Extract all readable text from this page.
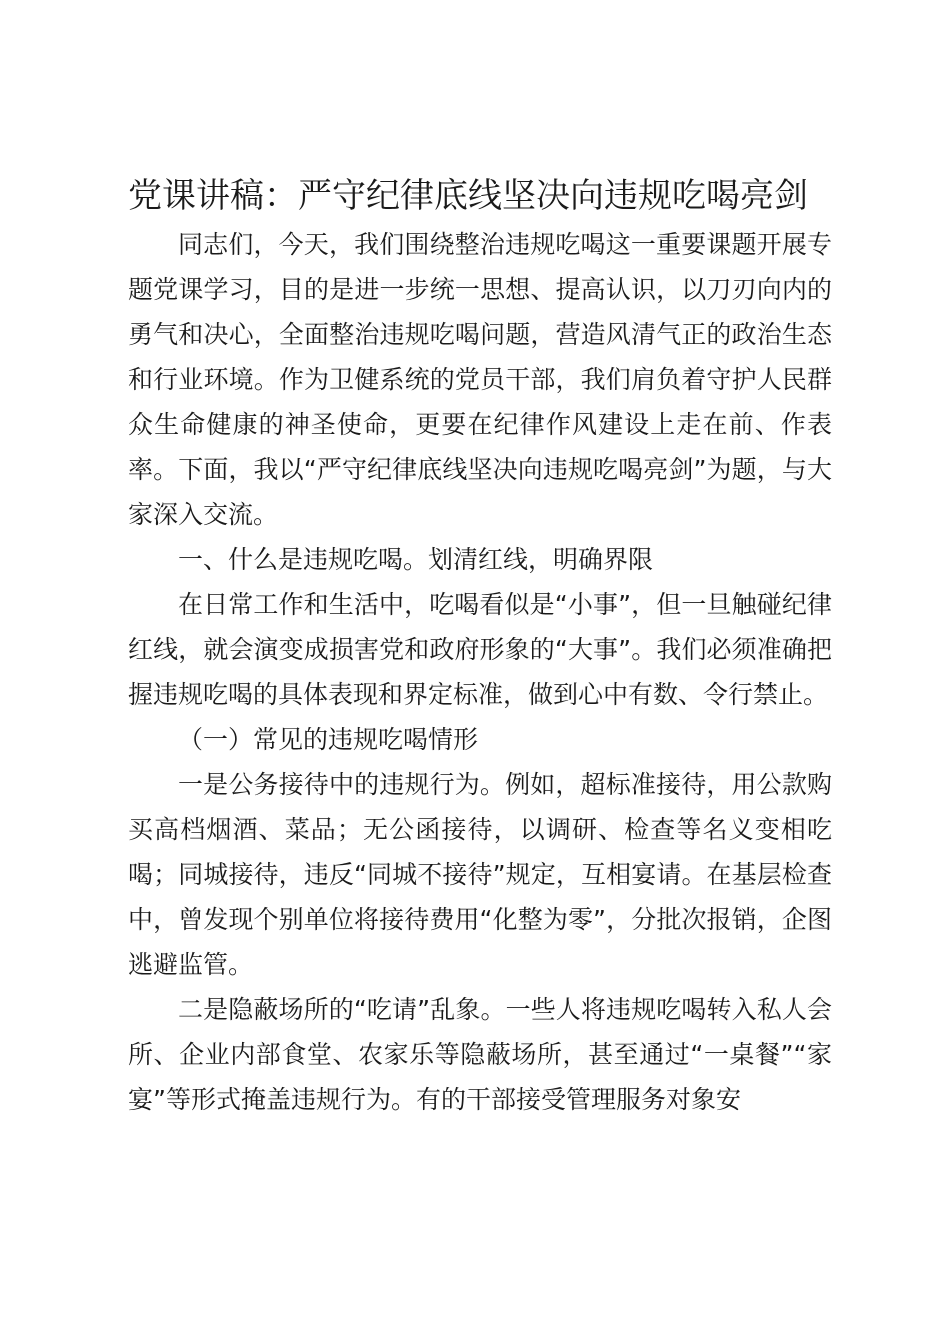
党课讲稿：严守纪律底线坚决向违规吃喝亮剑

同志们，今天，我们围绕整治违规吃喝这一重要课题开展专题党课学习，目的是进一步统一思想、提高认识，以刀刃向内的勇气和决心，全面整治违规吃喝问题，营造风清气正的政治生态和行业环境。作为卫健系统的党员干部，我们肩负着守护人民群众生命健康的神圣使命，更要在纪律作风建设上走在前、作表率。下面，我以“严守纪律底线坚决向违规吃喝亮剑”为题，与大家深入交流。

一、什么是违规吃喝。划清红线，明确界限

在日常工作和生活中，吃喝看似是“小事”，但一旦触碰纪律红线，就会演变成损害党和政府形象的“大事”。我们必须准确把握违规吃喝的具体表现和界定标准，做到心中有数、令行禁止。

（一）常见的违规吃喝情形

一是公务接待中的违规行为。例如，超标准接待，用公款购买高档烟酒、菜品；无公函接待，以调研、检查等名义变相吃喝；同城接待，违反“同城不接待”规定，互相宴请。在基层检查中，曾发现个别单位将接待费用“化整为零”，分批次报销，企图逃避监管。

二是隐蔽场所的“吃请”乱象。一些人将违规吃喝转入私人会所、企业内部食堂、农家乐等隐蔽场所，甚至通过“一桌餐”“家宴”等形式掩盖违规行为。有的干部接受管理服务对象安
